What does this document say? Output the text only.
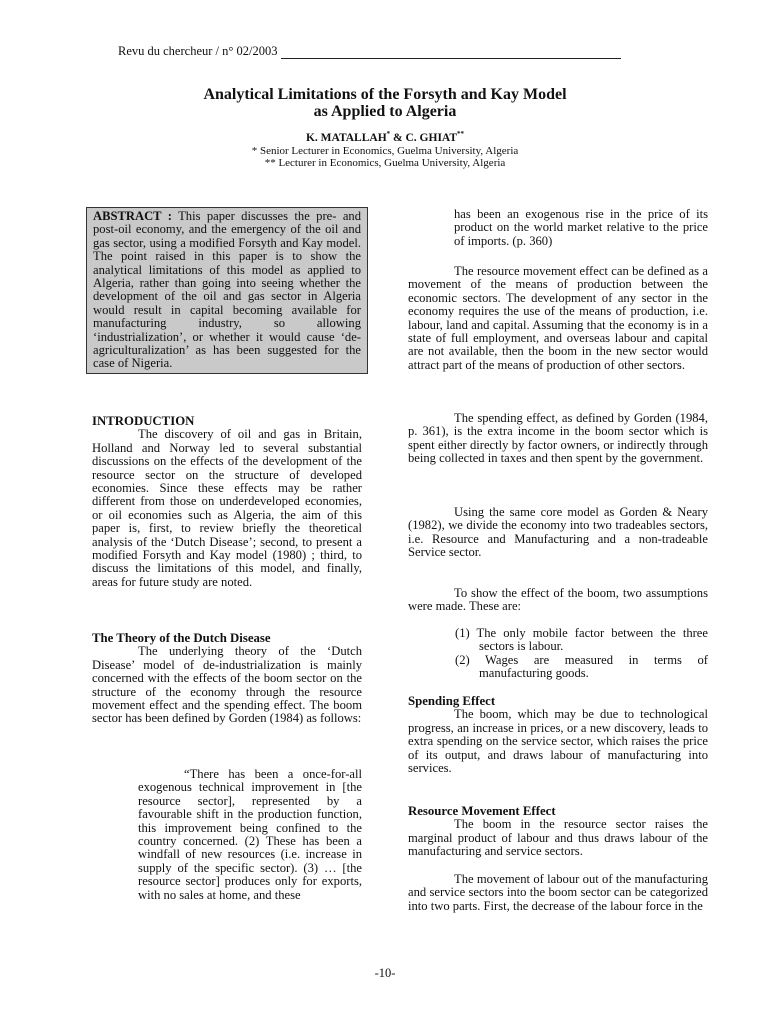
Revu du chercheur / n° 02/2003
Analytical Limitations of the Forsyth and Kay Model
as Applied to Algeria
K. MATALLAH* & C. GHIAT**
* Senior Lecturer in Economics, Guelma University, Algeria
** Lecturer in Economics, Guelma University, Algeria

ABSTRACT : This paper discusses the pre- and post-oil economy, and the emergency of the oil and gas sector, using a modified Forsyth and Kay model. The point raised in this paper is to show the analytical limitations of this model as applied to Algeria, rather than going into seeing whether the development of the oil and gas sector in Algeria would result in capital becoming available for manufacturing industry, so allowing ‘industrialization’, or whether it would cause ‘de-agriculturalization’ as has been suggested for the case of Nigeria.

INTRODUCTION

The discovery of oil and gas in Britain, Holland and Norway led to several substantial discussions on the effects of the development of the resource sector on the structure of developed economies. Since these effects may be rather different from those on underdeveloped economies, or oil economies such as Algeria, the aim of this paper is, first, to review briefly the theoretical analysis of the ‘Dutch Disease’; second, to present a modified Forsyth and Kay model (1980) ; third, to discuss the limitations of this model, and finally, areas for future study are noted.

The Theory of the Dutch Disease

The underlying theory of the ‘Dutch Disease’ model of de-industrialization is mainly concerned with the effects of the boom sector on the structure of the economy through the resource movement effect and the spending effect. The boom sector has been defined by Gorden (1984) as follows:

“There has been a once-for-all exogenous technical improvement in [the resource sector], represented by a favourable shift in the production function, this improvement being confined to the country concerned. (2) These has been a windfall of new resources (i.e. increase in supply of the specific sector). (3) … [the resource sector] produces only for exports, with no sales at home, and these
has been an exogenous rise in the price of its product on the world market relative to the price of imports. (p. 360)

The resource movement effect can be defined as a movement of the means of production between the economic sectors. The development of any sector in the economy requires the use of the means of production, i.e. labour, land and capital. Assuming that the economy is in a state of full employment, and overseas labour and capital are not available, then the boom in the new sector would attract part of the means of production of other sectors.

The spending effect, as defined by Gorden (1984, p. 361), is the extra income in the boom sector which is spent either directly by factor owners, or indirectly through being collected in taxes and then spent by the government.

Using the same core model as Gorden & Neary (1982), we divide the economy into two tradeables sectors, i.e. Resource and Manufacturing and a non-tradeable Service sector.

To show the effect of the boom, two assumptions were made. These are:

(1) The only mobile factor between the three sectors is labour.
(2) Wages are measured in terms of manufacturing goods.
Spending Effect

The boom, which may be due to technological progress, an increase in prices, or a new discovery, leads to extra spending on the service sector, which raises the price of its output, and draws labour of manufacturing into services.

Resource Movement Effect

The boom in the resource sector raises the marginal product of labour and thus draws labour of the manufacturing and service sectors.

The movement of labour out of the manufacturing and service sectors into the boom sector can be categorized into two parts. First, the decrease of the labour force in the

-10-
